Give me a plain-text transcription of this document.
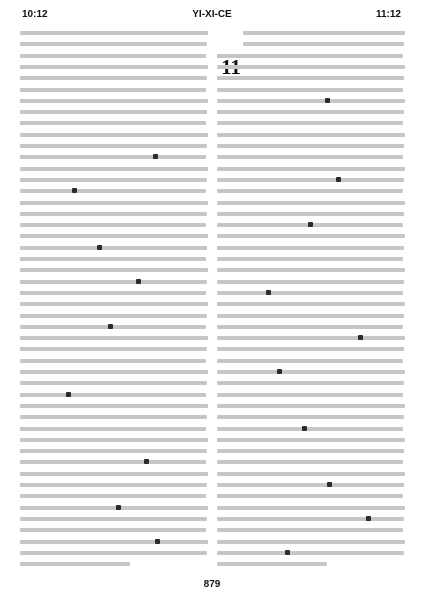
10:12	YI-XI-CE	11:12
879
